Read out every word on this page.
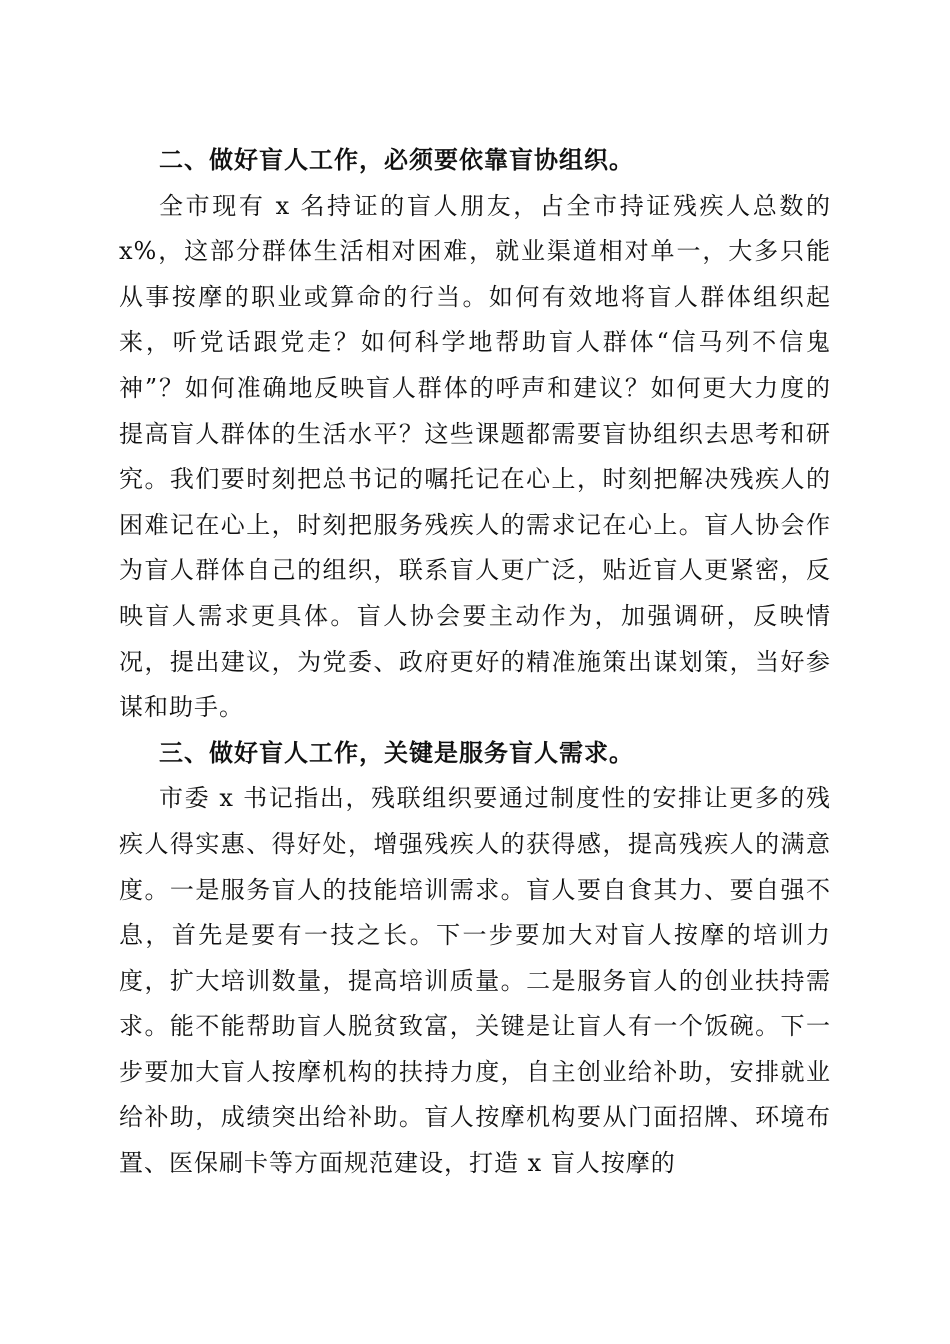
二、做好盲人工作，必须要依靠盲协组织。

全市现有 x 名持证的盲人朋友，占全市持证残疾人总数的 x%，这部分群体生活相对困难，就业渠道相对单一，大多只能从事按摩的职业或算命的行当。如何有效地将盲人群体组织起来，听党话跟党走？如何科学地帮助盲人群体“信马列不信鬼神”？如何准确地反映盲人群体的呼声和建议？如何更大力度的提高盲人群体的生活水平？这些课题都需要盲协组织去思考和研究。我们要时刻把总书记的嘱托记在心上，时刻把解决残疾人的困难记在心上，时刻把服务残疾人的需求记在心上。盲人协会作为盲人群体自己的组织，联系盲人更广泛，贴近盲人更紧密，反映盲人需求更具体。盲人协会要主动作为，加强调研，反映情况，提出建议，为党委、政府更好的精准施策出谋划策，当好参谋和助手。

三、做好盲人工作，关键是服务盲人需求。

市委 x 书记指出，残联组织要通过制度性的安排让更多的残疾人得实惠、得好处，增强残疾人的获得感，提高残疾人的满意度。一是服务盲人的技能培训需求。盲人要自食其力、要自强不息，首先是要有一技之长。下一步要加大对盲人按摩的培训力度，扩大培训数量，提高培训质量。二是服务盲人的创业扶持需求。能不能帮助盲人脱贫致富，关键是让盲人有一个饭碗。下一步要加大盲人按摩机构的扶持力度，自主创业给补助，安排就业给补助，成绩突出给补助。盲人按摩机构要从门面招牌、环境布置、医保刷卡等方面规范建设，打造 x 盲人按摩的
